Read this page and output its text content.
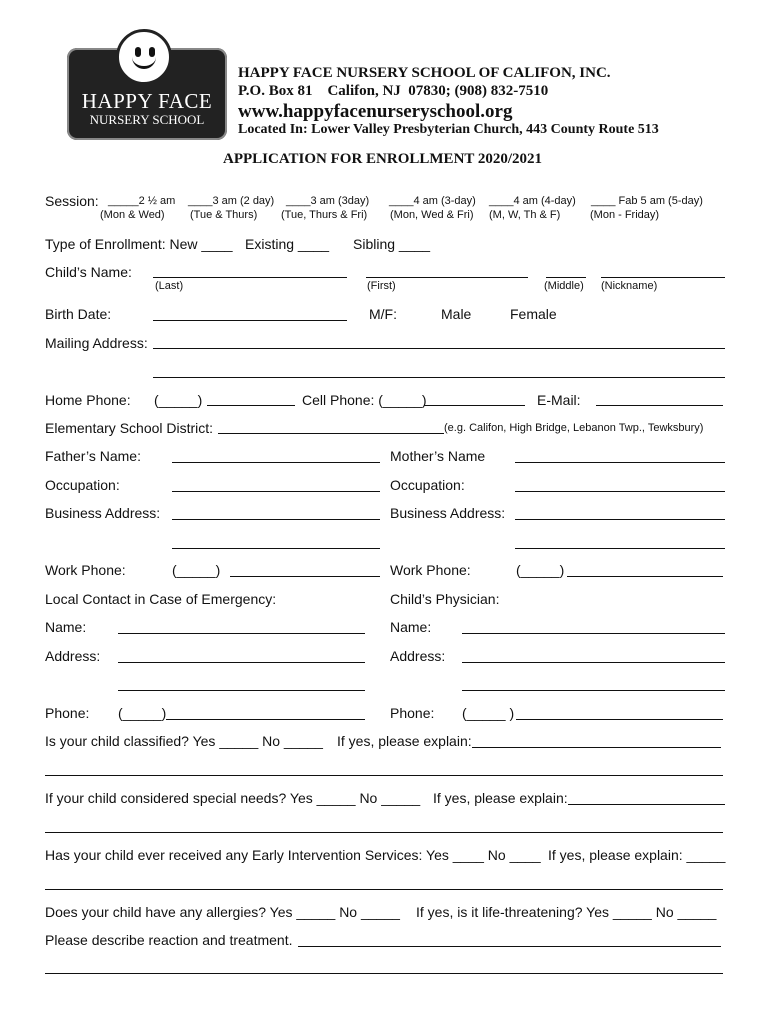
HAPPY FACE
NURSERY SCHOOL
HAPPY FACE NURSERY SCHOOL OF CALIFON, INC.
P.O. Box 81    Califon, NJ  07830; (908) 832-7510
www.happyfacenurseryschool.org
Located In: Lower Valley Presbyterian Church, 443 County Route 513
APPLICATION FOR ENROLLMENT 2020/2021
Session: _____2 ½ am
(Mon & Wed)
____3 am (2 day)
(Tue & Thurs)
____3 am (3day)
(Tue, Thurs & Fri)
____4 am (3-day)
(Mon, Wed & Fri)
____4 am (4-day)
(M, W, Th & F)
____ Fab 5 am (5-day)
(Mon - Friday)
Type of Enrollment: New ____ Existing ____ Sibling ____
Child’s Name:
(Last)	(First)	(Middle) (Nickname)
Birth Date:	M/F:	Male	Female
Mailing Address:
Home Phone: (_____)	Cell Phone: (_____)	E-Mail:
Elementary School District:	(e.g. Califon, High Bridge, Lebanon Twp., Tewksbury)
Father’s Name:	Mother’s Name
Occupation:	Occupation:
Business Address:	Business Address:
Work Phone:	(_____)	Work Phone:	(_____)
Local Contact in Case of Emergency:	Child’s Physician:
Name:	Name:
Address:	Address:
Phone: (_____)	Phone: (_____ )
Is your child classified? Yes _____ No _____ If yes, please explain:
If your child considered special needs? Yes _____ No _____ If yes, please explain:
Has your child ever received any Early Intervention Services: Yes ____ No ____ If yes, please explain: _____
Does your child have any allergies? Yes _____ No _____ If yes, is it life-threatening? Yes _____ No _____
Please describe reaction and treatment.
